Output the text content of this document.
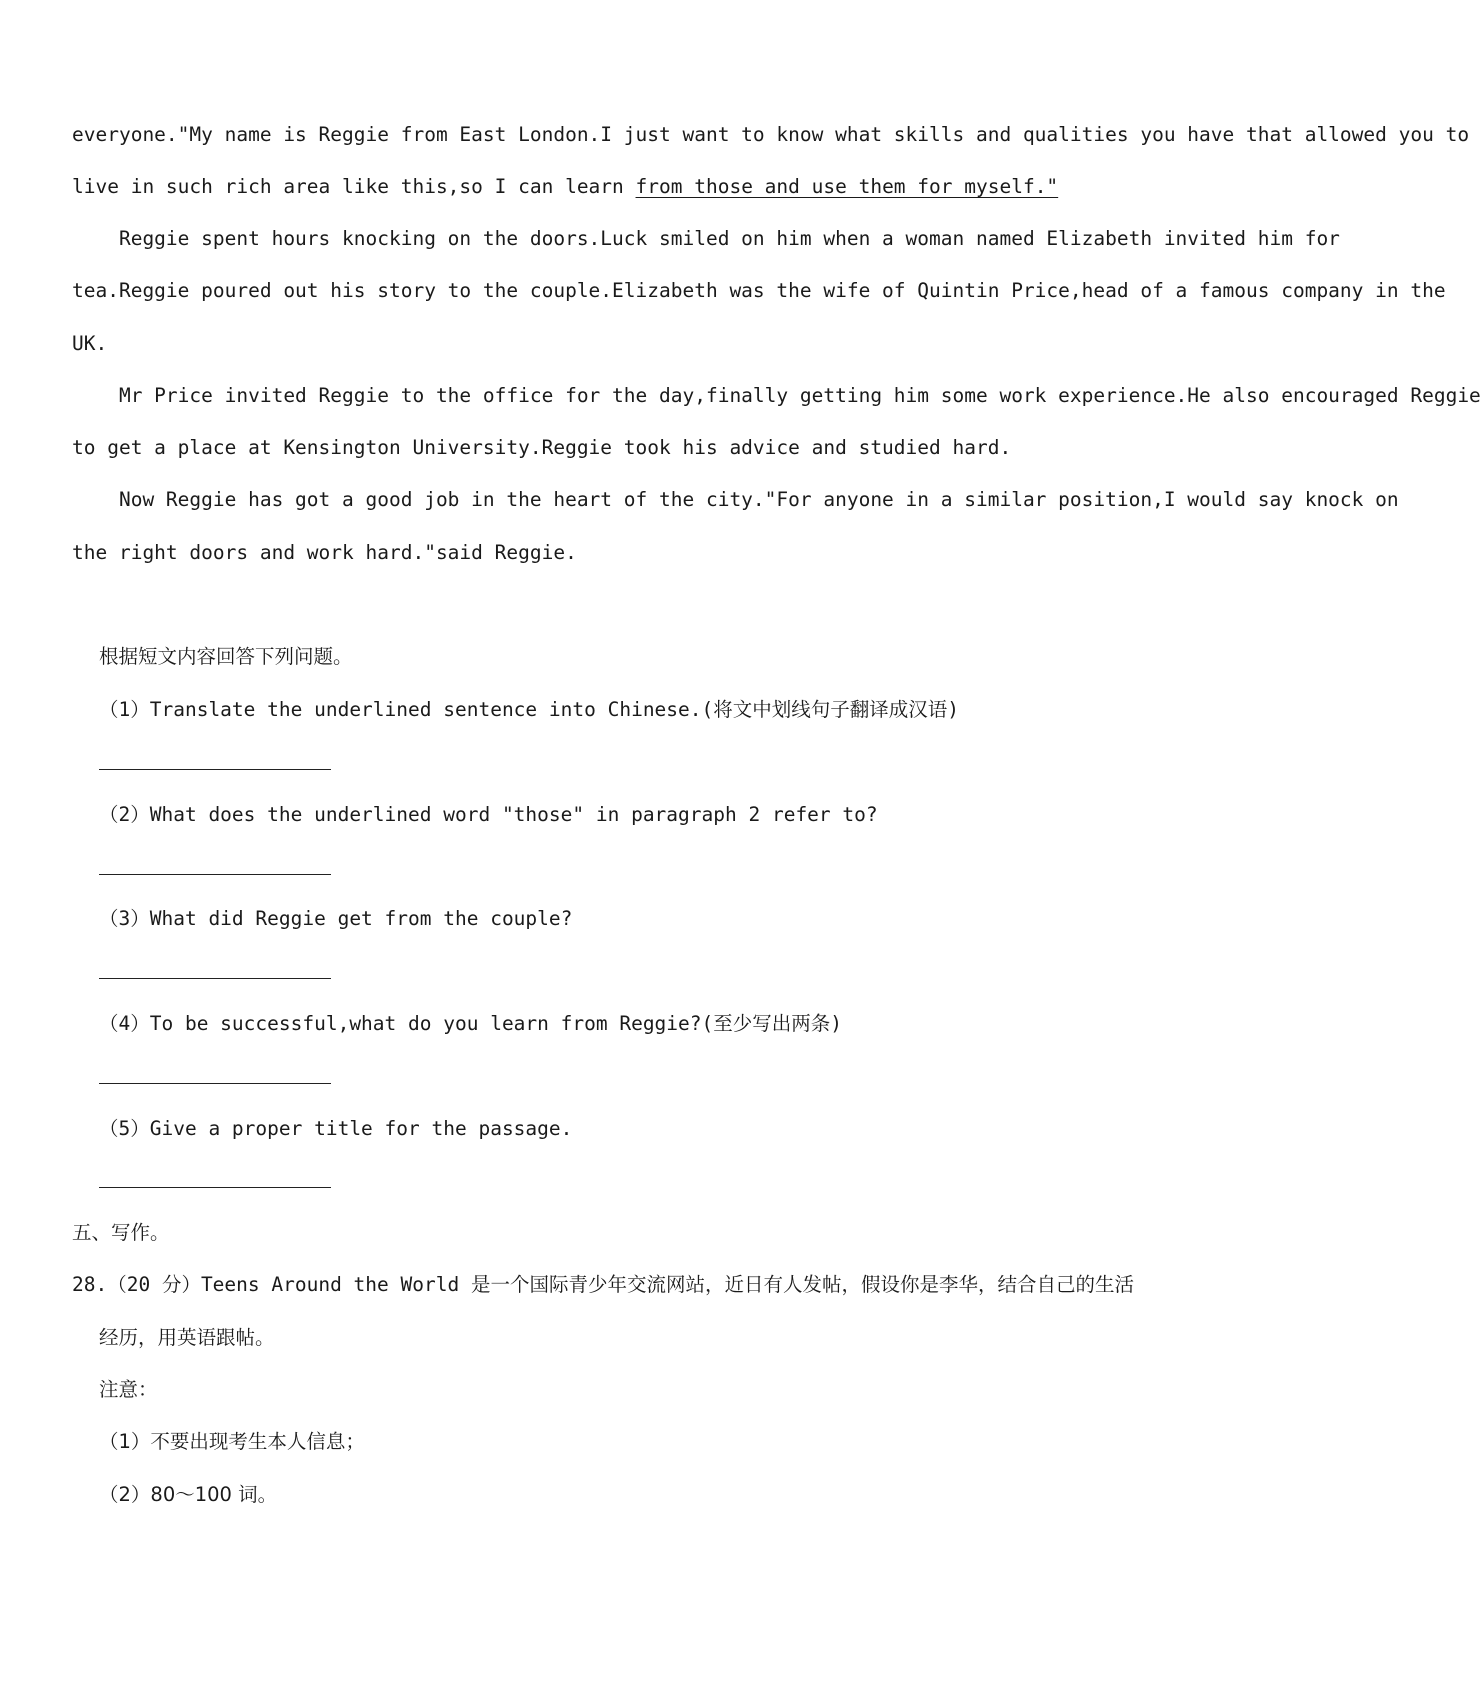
everyone."My name is Reggie from East London.I just want to know what skills and qualities you have that allowed you to
live in such rich area like this,so I can learn from those and use them for myself."
Reggie spent hours knocking on the doors.Luck smiled on him when a woman named Elizabeth invited him for
tea.Reggie poured out his story to the couple.Elizabeth was the wife of Quintin Price,head of a famous company in the
UK.
Mr Price invited Reggie to the office for the day,finally getting him some work experience.He also encouraged Reggie
to get a place at Kensington University.Reggie took his advice and studied hard.
Now Reggie has got a good job in the heart of the city."For anyone in a similar position,I would say knock on
the right doors and work hard."said Reggie.
根据短文内容回答下列问题。
（1）Translate the underlined sentence into Chinese.(将文中划线句子翻译成汉语)
（2）What does the underlined word "those" in paragraph 2 refer to?
（3）What did Reggie get from the couple?
（4）To be successful,what do you learn from Reggie?(至少写出两条)
（5）Give a proper title for the passage.
五、写作。
28.（20 分）Teens Around the World 是一个国际青少年交流网站，近日有人发帖，假设你是李华，结合自己的生活
经历，用英语跟帖。
注意：
（1）不要出现考生本人信息；
（2）80～100 词。
